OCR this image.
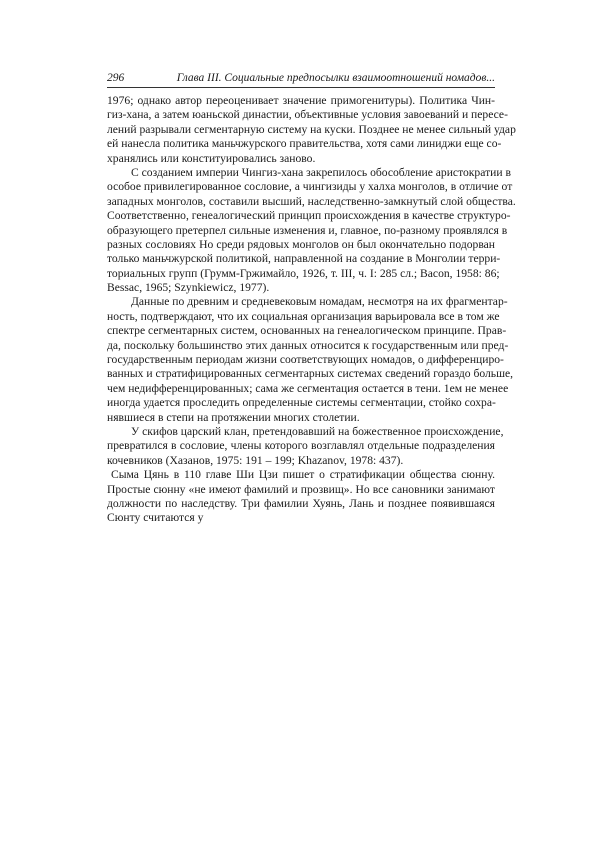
296	Глава III. Социальные предпосылки взаимоотношений номадов...
1976; однако автор переоценивает значение примогенитуры). Политика Чин-
гиз-хана, а затем юаньской династии, объективные условия завоеваний и пересе-
лений разрывали сегментарную систему на куски. Позднее не менее сильный удар
ей нанесла политика маньчжурского правительства, хотя сами линиджи еще со-
хранялись или конституировались заново.
С созданием империи Чингиз-хана закрепилось обособление аристократии в
особое привилегированное сословие, а чингизиды у халха монголов, в отличие от
западных монголов, составили высший, наследственно-замкнутый слой общества.
Соответственно, генеалогический принцип происхождения в качестве структуро-
образующего претерпел сильные изменения и, главное, по-разному проявлялся в
разных сословиях Но среди рядовых монголов он был окончательно подорван
только маньчжурской политикой, направленной на создание в Монголии терри-
ториальных групп (Грумм-Гржимайло, 1926, т. III, ч. I: 285 сл.; Bacon, 1958: 86;
Bessac, 1965; Szynkiewicz, 1977).
Данные по древним и средневековым номадам, несмотря на их фрагментар-
ность, подтверждают, что их социальная организация варьировала все в том же
спектре сегментарных систем, основанных на генеалогическом принципе. Прав-
да, поскольку большинство этих данных относится к государственным или пред-
государственным периодам жизни соответствующих номадов, о дифференциро-
ванных и стратифицированных сегментарных системах сведений гораздо больше,
чем недифференцированных; сама же сегментация остается в тени. 1ем не менее
иногда удается проследить определенные системы сегментации, стойко сохра-
нявшиеся в степи на протяжении многих столетии.
У скифов царский клан, претендовавший на божественное происхождение,
превратился в сословие, члены которого возглавлял отдельные подразделения
кочевников (Хазанов, 1975: 191 – 199; Khazanov, 1978: 437).
Сыма Цянь в 110 главе Ши Цзи пишет о стратификации общества сюнну.
Простые сюнну «не имеют фамилий и прозвищ». Но все сановники занимают
должности по наследству. Три фамилии Хуянь, Лань и позднее появившаяся
Сюнту считаются у
